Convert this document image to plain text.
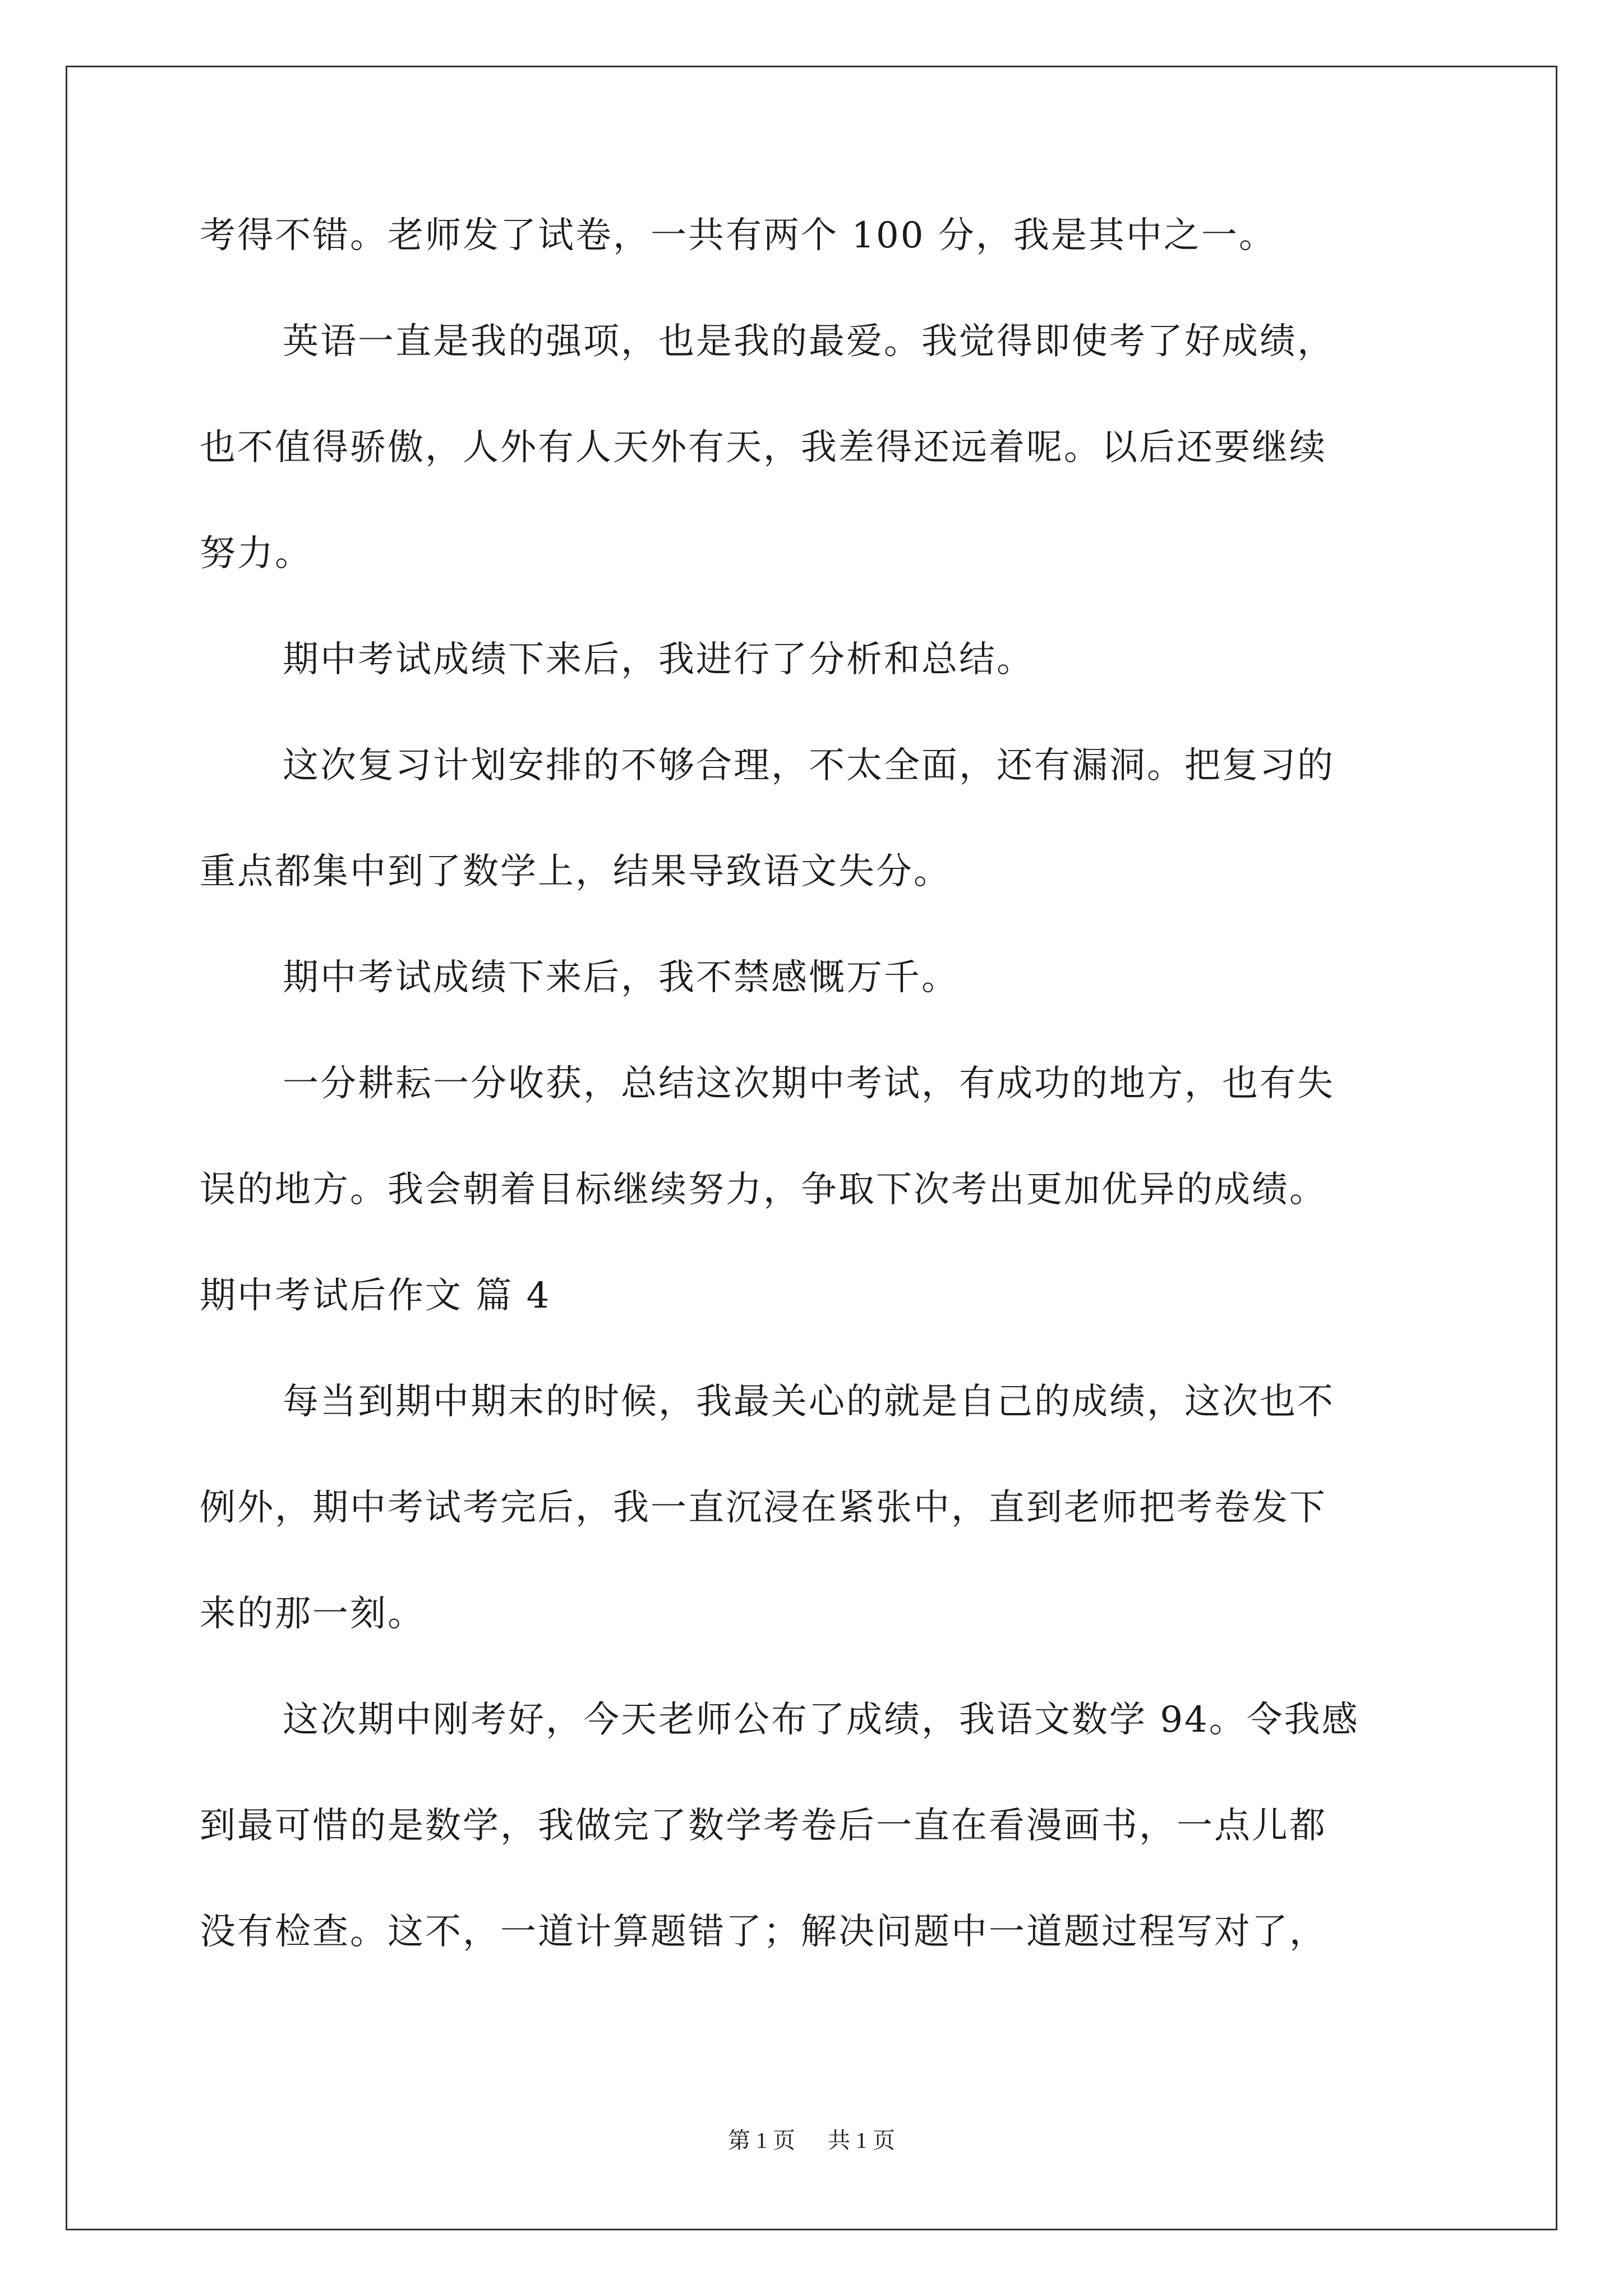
考得不错。老师发了试卷，一共有两个 100 分，我是其中之一。

英语一直是我的强项，也是我的最爱。我觉得即使考了好成绩，

也不值得骄傲，人外有人天外有天，我差得还远着呢。以后还要继续

努力。

期中考试成绩下来后，我进行了分析和总结。

这次复习计划安排的不够合理，不太全面，还有漏洞。把复习的

重点都集中到了数学上，结果导致语文失分。

期中考试成绩下来后，我不禁感慨万千。

一分耕耘一分收获，总结这次期中考试，有成功的地方，也有失

误的地方。我会朝着目标继续努力，争取下次考出更加优异的成绩。

期中考试后作文 篇 4

每当到期中期末的时候，我最关心的就是自己的成绩，这次也不

例外，期中考试考完后，我一直沉浸在紧张中，直到老师把考卷发下

来的那一刻。

这次期中刚考好，今天老师公布了成绩，我语文数学 94。令我感

到最可惜的是数学，我做完了数学考卷后一直在看漫画书，一点儿都

没有检查。这不，一道计算题错了；解决问题中一道题过程写对了，

第 1 页 共 1 页
